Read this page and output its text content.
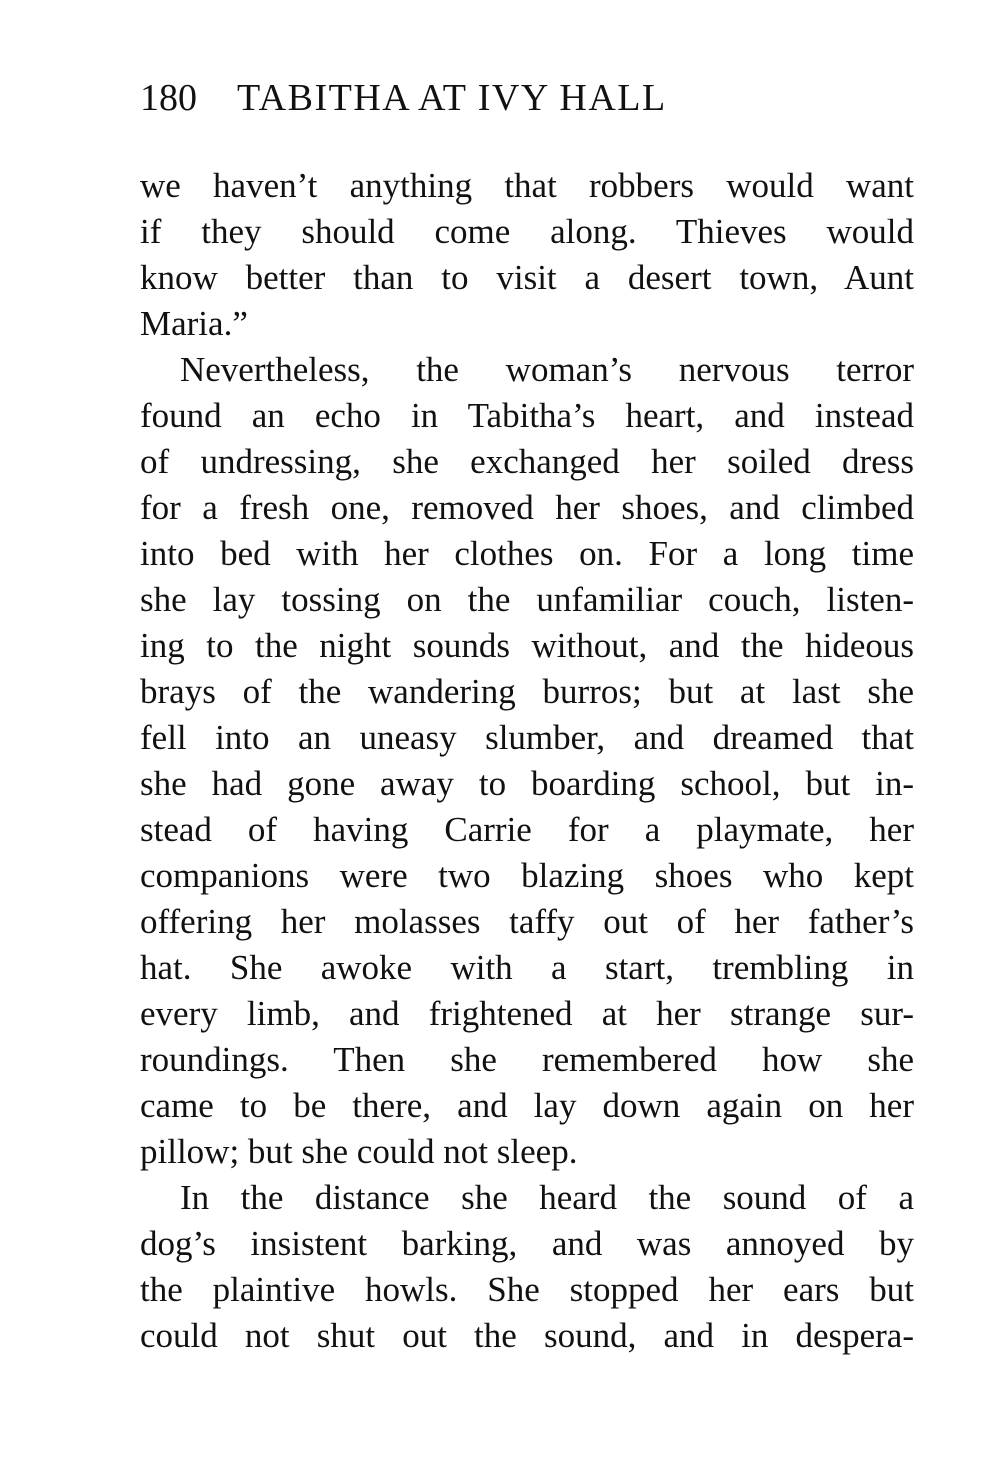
180 TABITHA AT IVY HALL
we haven’t anything that robbers would want
if they should come along. Thieves would
know better than to visit a desert town, Aunt
Maria.”
Nevertheless, the woman’s nervous terror
found an echo in Tabitha’s heart, and instead
of undressing, she exchanged her soiled dress
for a fresh one, removed her shoes, and climbed
into bed with her clothes on. For a long time
she lay tossing on the unfamiliar couch, listen-
ing to the night sounds without, and the hideous
brays of the wandering burros; but at last she
fell into an uneasy slumber, and dreamed that
she had gone away to boarding school, but in-
stead of having Carrie for a playmate, her
companions were two blazing shoes who kept
offering her molasses taffy out of her father’s
hat. She awoke with a start, trembling in
every limb, and frightened at her strange sur-
roundings. Then she remembered how she
came to be there, and lay down again on her
pillow; but she could not sleep.
In the distance she heard the sound of a
dog’s insistent barking, and was annoyed by
the plaintive howls. She stopped her ears but
could not shut out the sound, and in despera-
